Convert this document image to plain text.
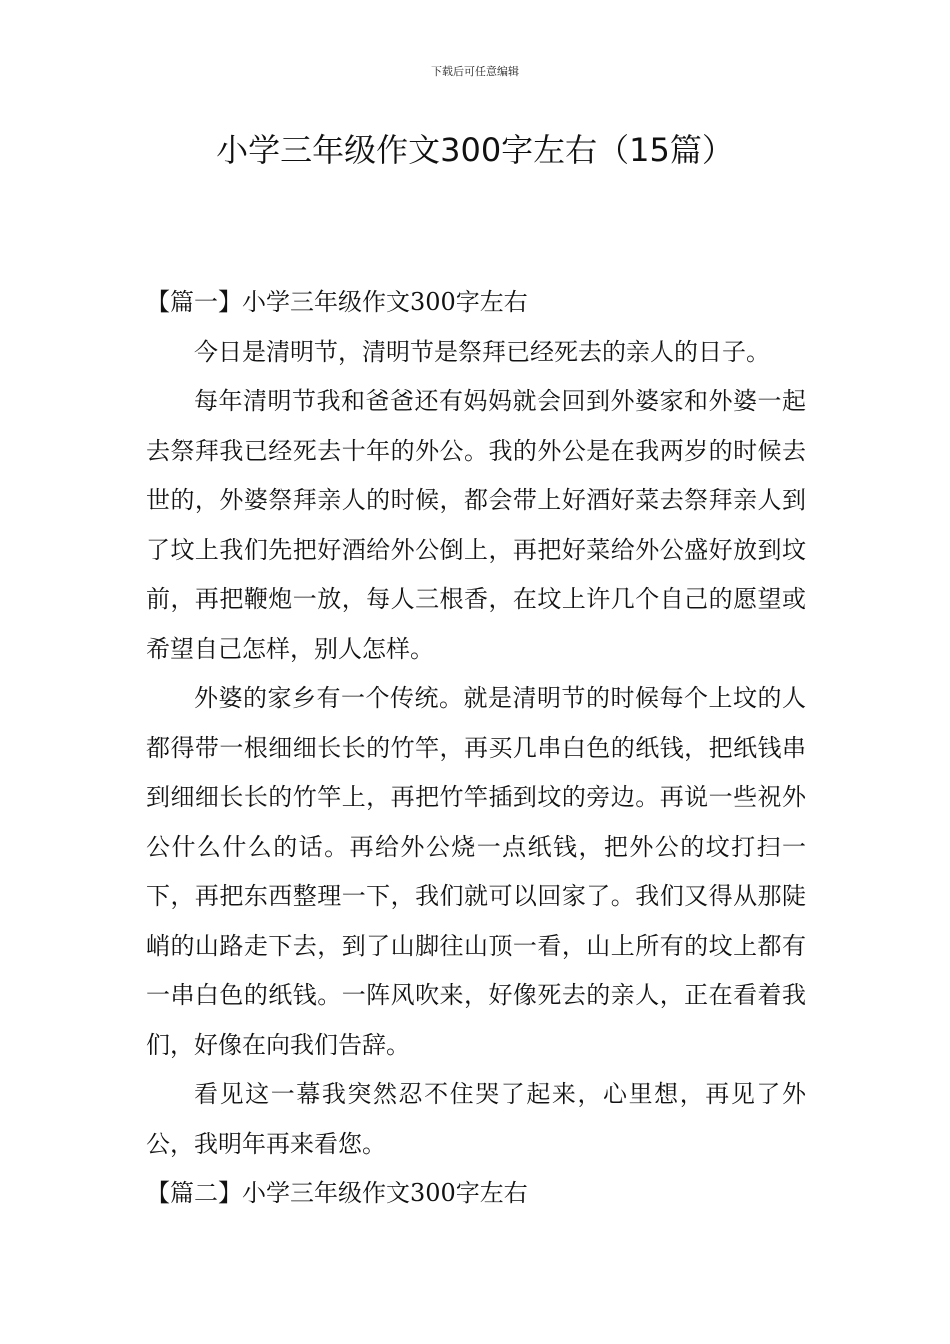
下载后可任意编辑
小学三年级作文300字左右（15篇）
【篇一】小学三年级作文300字左右

今日是清明节，清明节是祭拜已经死去的亲人的日子。

每年清明节我和爸爸还有妈妈就会回到外婆家和外婆一起去祭拜我已经死去十年的外公。我的外公是在我两岁的时候去世的，外婆祭拜亲人的时候，都会带上好酒好菜去祭拜亲人到了坟上我们先把好酒给外公倒上，再把好菜给外公盛好放到坟前，再把鞭炮一放，每人三根香，在坟上许几个自己的愿望或希望自己怎样，别人怎样。

外婆的家乡有一个传统。就是清明节的时候每个上坟的人都得带一根细细长长的竹竿，再买几串白色的纸钱，把纸钱串到细细长长的竹竿上，再把竹竿插到坟的旁边。再说一些祝外公什么什么的话。再给外公烧一点纸钱，把外公的坟打扫一下，再把东西整理一下，我们就可以回家了。我们又得从那陡峭的山路走下去，到了山脚往山顶一看，山上所有的坟上都有一串白色的纸钱。一阵风吹来，好像死去的亲人，正在看着我们，好像在向我们告辞。

看见这一幕我突然忍不住哭了起来，心里想，再见了外公，我明年再来看您。

【篇二】小学三年级作文300字左右
